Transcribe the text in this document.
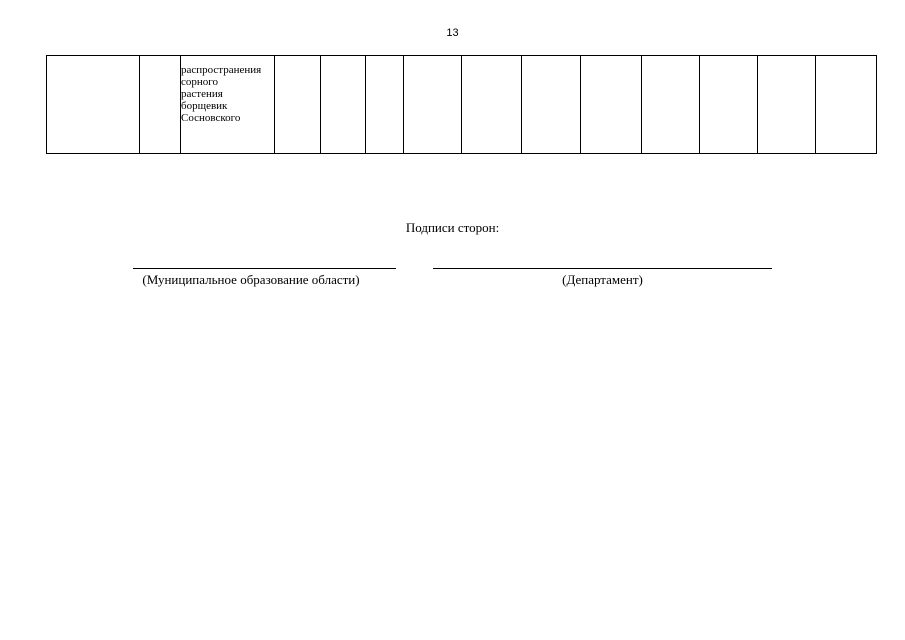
13
		распространения
сорного
растения
борщевик
Сосновского											
Подписи сторон:
(Муниципальное образование области)	(Департамент)
